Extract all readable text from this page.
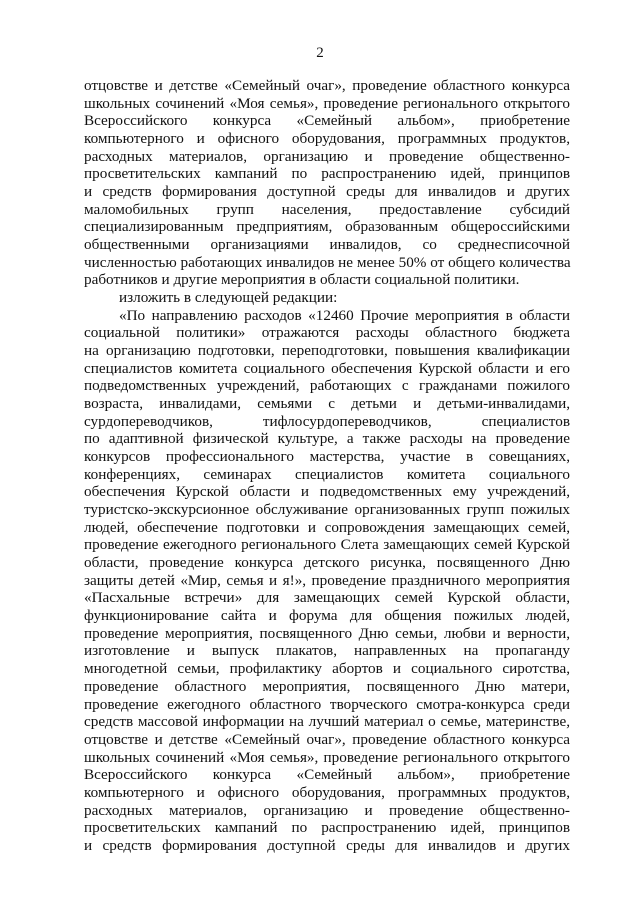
2
отцовстве и детстве «Семейный очаг», проведение областного конкурса
школьных сочинений «Моя семья», проведение регионального открытого
Всероссийского конкурса «Семейный альбом», приобретение
компьютерного и офисного оборудования, программных продуктов,
расходных материалов, организацию и проведение общественно-
просветительских кампаний по распространению идей, принципов
и средств формирования доступной среды для инвалидов и других
маломобильных групп населения, предоставление субсидий
специализированным предприятиям, образованным общероссийскими
общественными организациями инвалидов, со среднесписочной
численностью работающих инвалидов не менее 50% от общего количества
работников и другие мероприятия в области социальной политики.
изложить в следующей редакции:
«По направлению расходов «12460 Прочие мероприятия в области
социальной политики» отражаются расходы областного бюджета
на организацию подготовки, переподготовки, повышения квалификации
специалистов комитета социального обеспечения Курской области и его
подведомственных учреждений, работающих с гражданами пожилого
возраста, инвалидами, семьями с детьми и детьми-инвалидами,
сурдопереводчиков, тифлосурдопереводчиков, специалистов
по адаптивной физической культуре, а также расходы на проведение
конкурсов профессионального мастерства, участие в совещаниях,
конференциях, семинарах специалистов комитета социального
обеспечения Курской области и подведомственных ему учреждений,
туристско-экскурсионное обслуживание организованных групп пожилых
людей, обеспечение подготовки и сопровождения замещающих семей,
проведение ежегодного регионального Слета замещающих семей Курской
области, проведение конкурса детского рисунка, посвященного Дню
защиты детей «Мир, семья и я!», проведение праздничного мероприятия
«Пасхальные встречи» для замещающих семей Курской области,
функционирование сайта и форума для общения пожилых людей,
проведение мероприятия, посвященного Дню семьи, любви и верности,
изготовление и выпуск плакатов, направленных на пропаганду
многодетной семьи, профилактику абортов и социального сиротства,
проведение областного мероприятия, посвященного Дню матери,
проведение ежегодного областного творческого смотра-конкурса среди
средств массовой информации на лучший материал о семье, материнстве,
отцовстве и детстве «Семейный очаг», проведение областного конкурса
школьных сочинений «Моя семья», проведение регионального открытого
Всероссийского конкурса «Семейный альбом», приобретение
компьютерного и офисного оборудования, программных продуктов,
расходных материалов, организацию и проведение общественно-
просветительских кампаний по распространению идей, принципов
и средств формирования доступной среды для инвалидов и других
